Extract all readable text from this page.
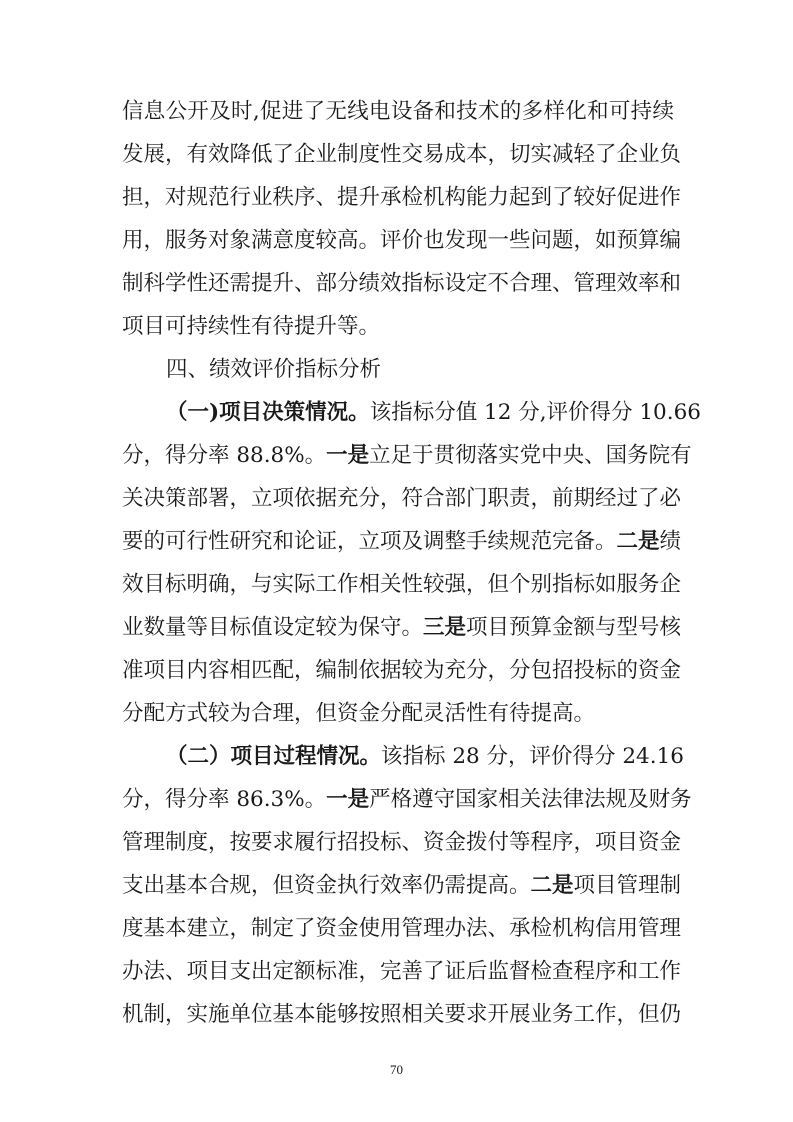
信息公开及时,促进了无线电设备和技术的多样化和可持续
发展，有效降低了企业制度性交易成本，切实减轻了企业负
担，对规范行业秩序、提升承检机构能力起到了较好促进作
用，服务对象满意度较高。评价也发现一些问题，如预算编
制科学性还需提升、部分绩效指标设定不合理、管理效率和
项目可持续性有待提升等。
四、绩效评价指标分析
（一)项目决策情况。该指标分值 12 分,评价得分 10.66
分，得分率 88.8%。一是立足于贯彻落实党中央、国务院有
关决策部署，立项依据充分，符合部门职责，前期经过了必
要的可行性研究和论证，立项及调整手续规范完备。二是绩
效目标明确，与实际工作相关性较强，但个别指标如服务企
业数量等目标值设定较为保守。三是项目预算金额与型号核
准项目内容相匹配，编制依据较为充分，分包招投标的资金
分配方式较为合理，但资金分配灵活性有待提高。
（二）项目过程情况。该指标 28 分，评价得分 24.16
分，得分率 86.3%。一是严格遵守国家相关法律法规及财务
管理制度，按要求履行招投标、资金拨付等程序，项目资金
支出基本合规，但资金执行效率仍需提高。二是项目管理制
度基本建立，制定了资金使用管理办法、承检机构信用管理
办法、项目支出定额标准，完善了证后监督检查程序和工作
机制，实施单位基本能够按照相关要求开展业务工作，但仍
70
